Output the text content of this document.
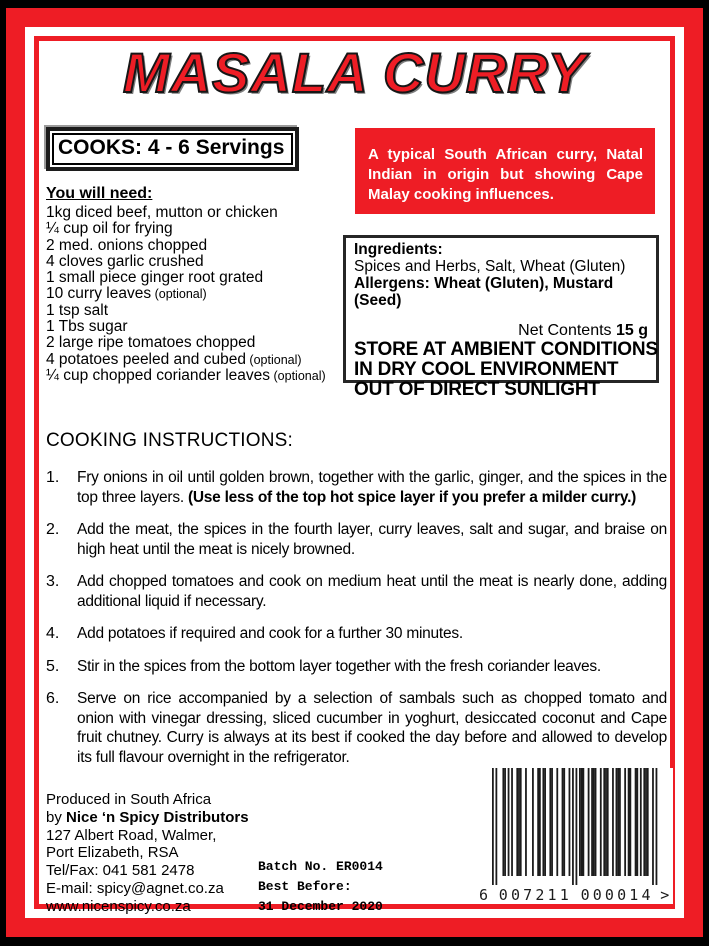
MASALA CURRY
COOKS: 4 - 6 Servings	A typical South African curry, Natal Indian in origin but showing Cape Malay cooking influences.
You will need:
1kg diced beef, mutton or chicken
¼ cup oil for frying
2 med. onions chopped
4 cloves garlic crushed
1 small piece ginger root grated
10 curry leaves (optional)
1 tsp salt
1 Tbs sugar
2 large ripe tomatoes chopped
4 potatoes peeled and cubed (optional)
¼ cup chopped coriander leaves (optional)
Ingredients:
Spices and Herbs, Salt, Wheat (Gluten)
Allergens: Wheat (Gluten), Mustard (Seed)
Net Contents 15 g
STORE AT AMBIENT CONDITIONS
IN DRY COOL ENVIRONMENT
OUT OF DIRECT SUNLIGHT
COOKING INSTRUCTIONS:
1.	Fry onions in oil until golden brown, together with the garlic, ginger, and the spices in the top three layers. (Use less of the top hot spice layer if you prefer a milder curry.)
2.	Add the meat, the spices in the fourth layer, curry leaves, salt and sugar, and braise on high heat until the meat is nicely browned.
3.	Add chopped tomatoes and cook on medium heat until the meat is nearly done, adding additional liquid if necessary.
4.	Add potatoes if required and cook for a further 30 minutes.
5.	Stir in the spices from the bottom layer together with the fresh coriander leaves.
6.	Serve on rice accompanied by a selection of sambals such as chopped tomato and onion with vinegar dressing, sliced cucumber in yoghurt, desiccated coconut and Cape fruit chutney. Curry is always at its best if cooked the day before and allowed to develop its full flavour overnight in the refrigerator.
Produced in South Africa
by Nice ‘n Spicy Distributors
127 Albert Road, Walmer,
Port Elizabeth, RSA
Tel/Fax: 041 581 2478
E-mail: spicy@agnet.co.za
www.nicenspicy.co.za
Batch No. ER0014
Best Before:
31 December 2020
6 0 0 7 2 1 1 0 0 0 0 1 4 >
